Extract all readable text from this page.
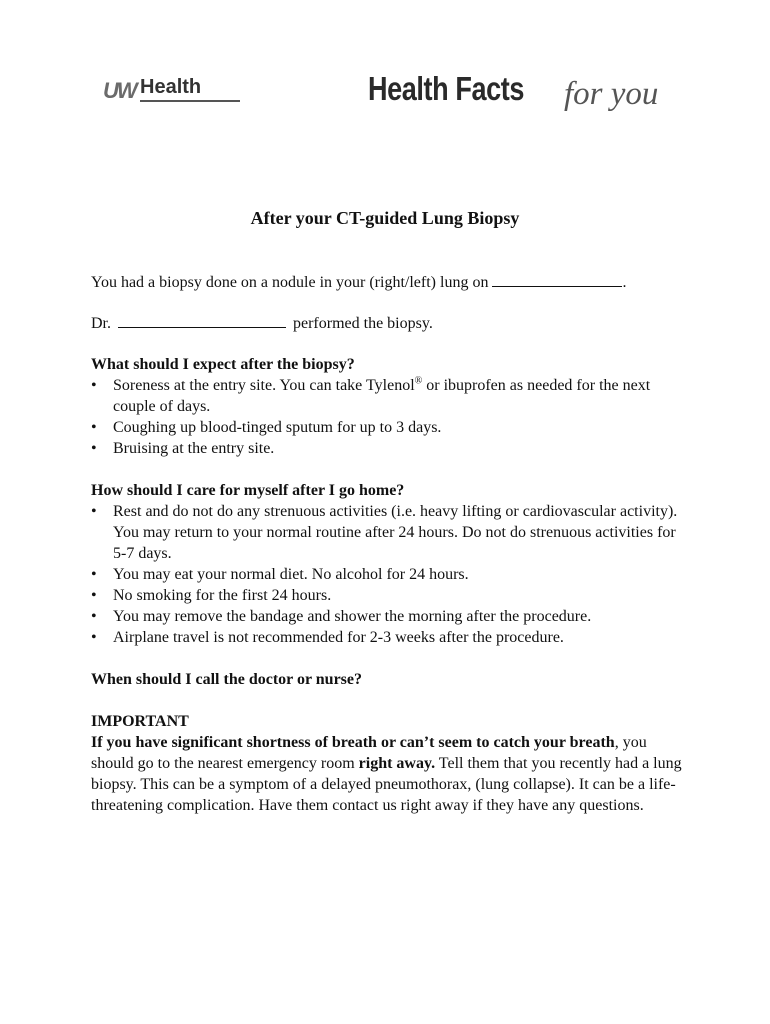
UW Health	Health Facts for you
After your CT-guided Lung Biopsy

You had a biopsy done on a nodule in your (right/left) lung on	.

Dr.	performed the biopsy.

What should I expect after the biopsy?

• Soreness at the entry site. You can take Tylenol® or ibuprofen as needed for the next couple of days.
• Coughing up blood-tinged sputum for up to 3 days.
• Bruising at the entry site.

How should I care for myself after I go home?

• Rest and do not do any strenuous activities (i.e. heavy lifting or cardiovascular activity). You may return to your normal routine after 24 hours. Do not do strenuous activities for 5-7 days.
• You may eat your normal diet. No alcohol for 24 hours.
• No smoking for the first 24 hours.
• You may remove the bandage and shower the morning after the procedure.
• Airplane travel is not recommended for 2-3 weeks after the procedure.

When should I call the doctor or nurse?

IMPORTANT

If you have significant shortness of breath or can’t seem to catch your breath, you should go to the nearest emergency room right away. Tell them that you recently had a lung biopsy. This can be a symptom of a delayed pneumothorax, (lung collapse). It can be a life-threatening complication. Have them contact us right away if they have any questions.
